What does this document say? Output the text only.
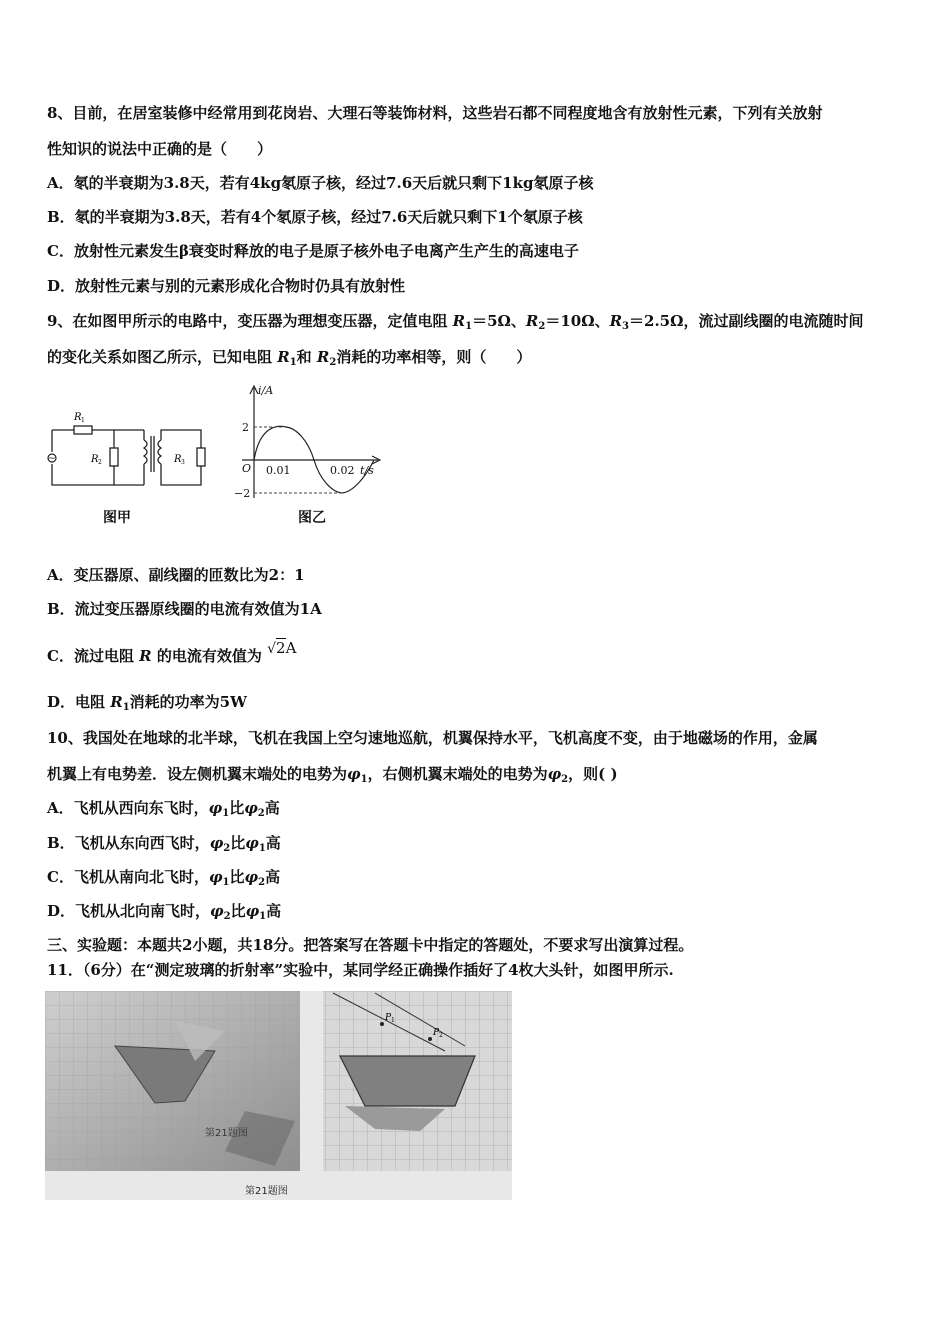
8、目前，在居室装修中经常用到花岗岩、大理石等装饰材料，这些岩石都不同程度地含有放射性元素，下列有关放射
性知识的说法中正确的是（　　）
A．氡的半衰期为3.8天，若有4kg氡原子核，经过7.6天后就只剩下1kg氡原子核
B．氡的半衰期为3.8天，若有4个氡原子核，经过7.6天后就只剩下1个氡原子核
C．放射性元素发生β衰变时释放的电子是原子核外电子电离产生产生的高速电子
D．放射性元素与别的元素形成化合物时仍具有放射性
9、在如图甲所示的电路中，变压器为理想变压器，定值电阻 $R_1=5\Omega$、$R_2=10\Omega$、$R_3=2.5\Omega$，流过副线圈的电流随时间
的变化关系如图乙所示，已知电阻 $R_1$和 $R_2$消耗的功率相等，则（　　）
~
R 1
R 2	R 3
图甲
i/A
2
−2
O 0.01	0.02 t/s
图乙
A．变压器原、副线圈的匝数比为2：1
B．流过变压器原线圈的电流有效值为1A
C．流过电阻 R 的电流有效值为 √2A
D．电阻 $R_1$消耗的功率为5W
10、我国处在地球的北半球，飞机在我国上空匀速地巡航，机翼保持水平，飞机高度不变，由于地磁场的作用，金属
机翼上有电势差．设左侧机翼末端处的电势为$\varphi_1$，右侧机翼末端处的电势为$\varphi_2$，则( )
A．飞机从西向东飞时，$\varphi_1$比$\varphi_2$高
B．飞机从东向西飞时，$\varphi_2$比$\varphi_1$高
C．飞机从南向北飞时，$\varphi_1$比$\varphi_2$高
D．飞机从北向南飞时，$\varphi_2$比$\varphi_1$高
三、实验题：本题共2小题，共18分。把答案写在答题卡中指定的答题处，不要求写出演算过程。
11．（6分）在“测定玻璃的折射率”实验中，某同学经正确操作插好了4枚大头针，如图甲所示.
第21题图
P 1
P 2
第21题图
